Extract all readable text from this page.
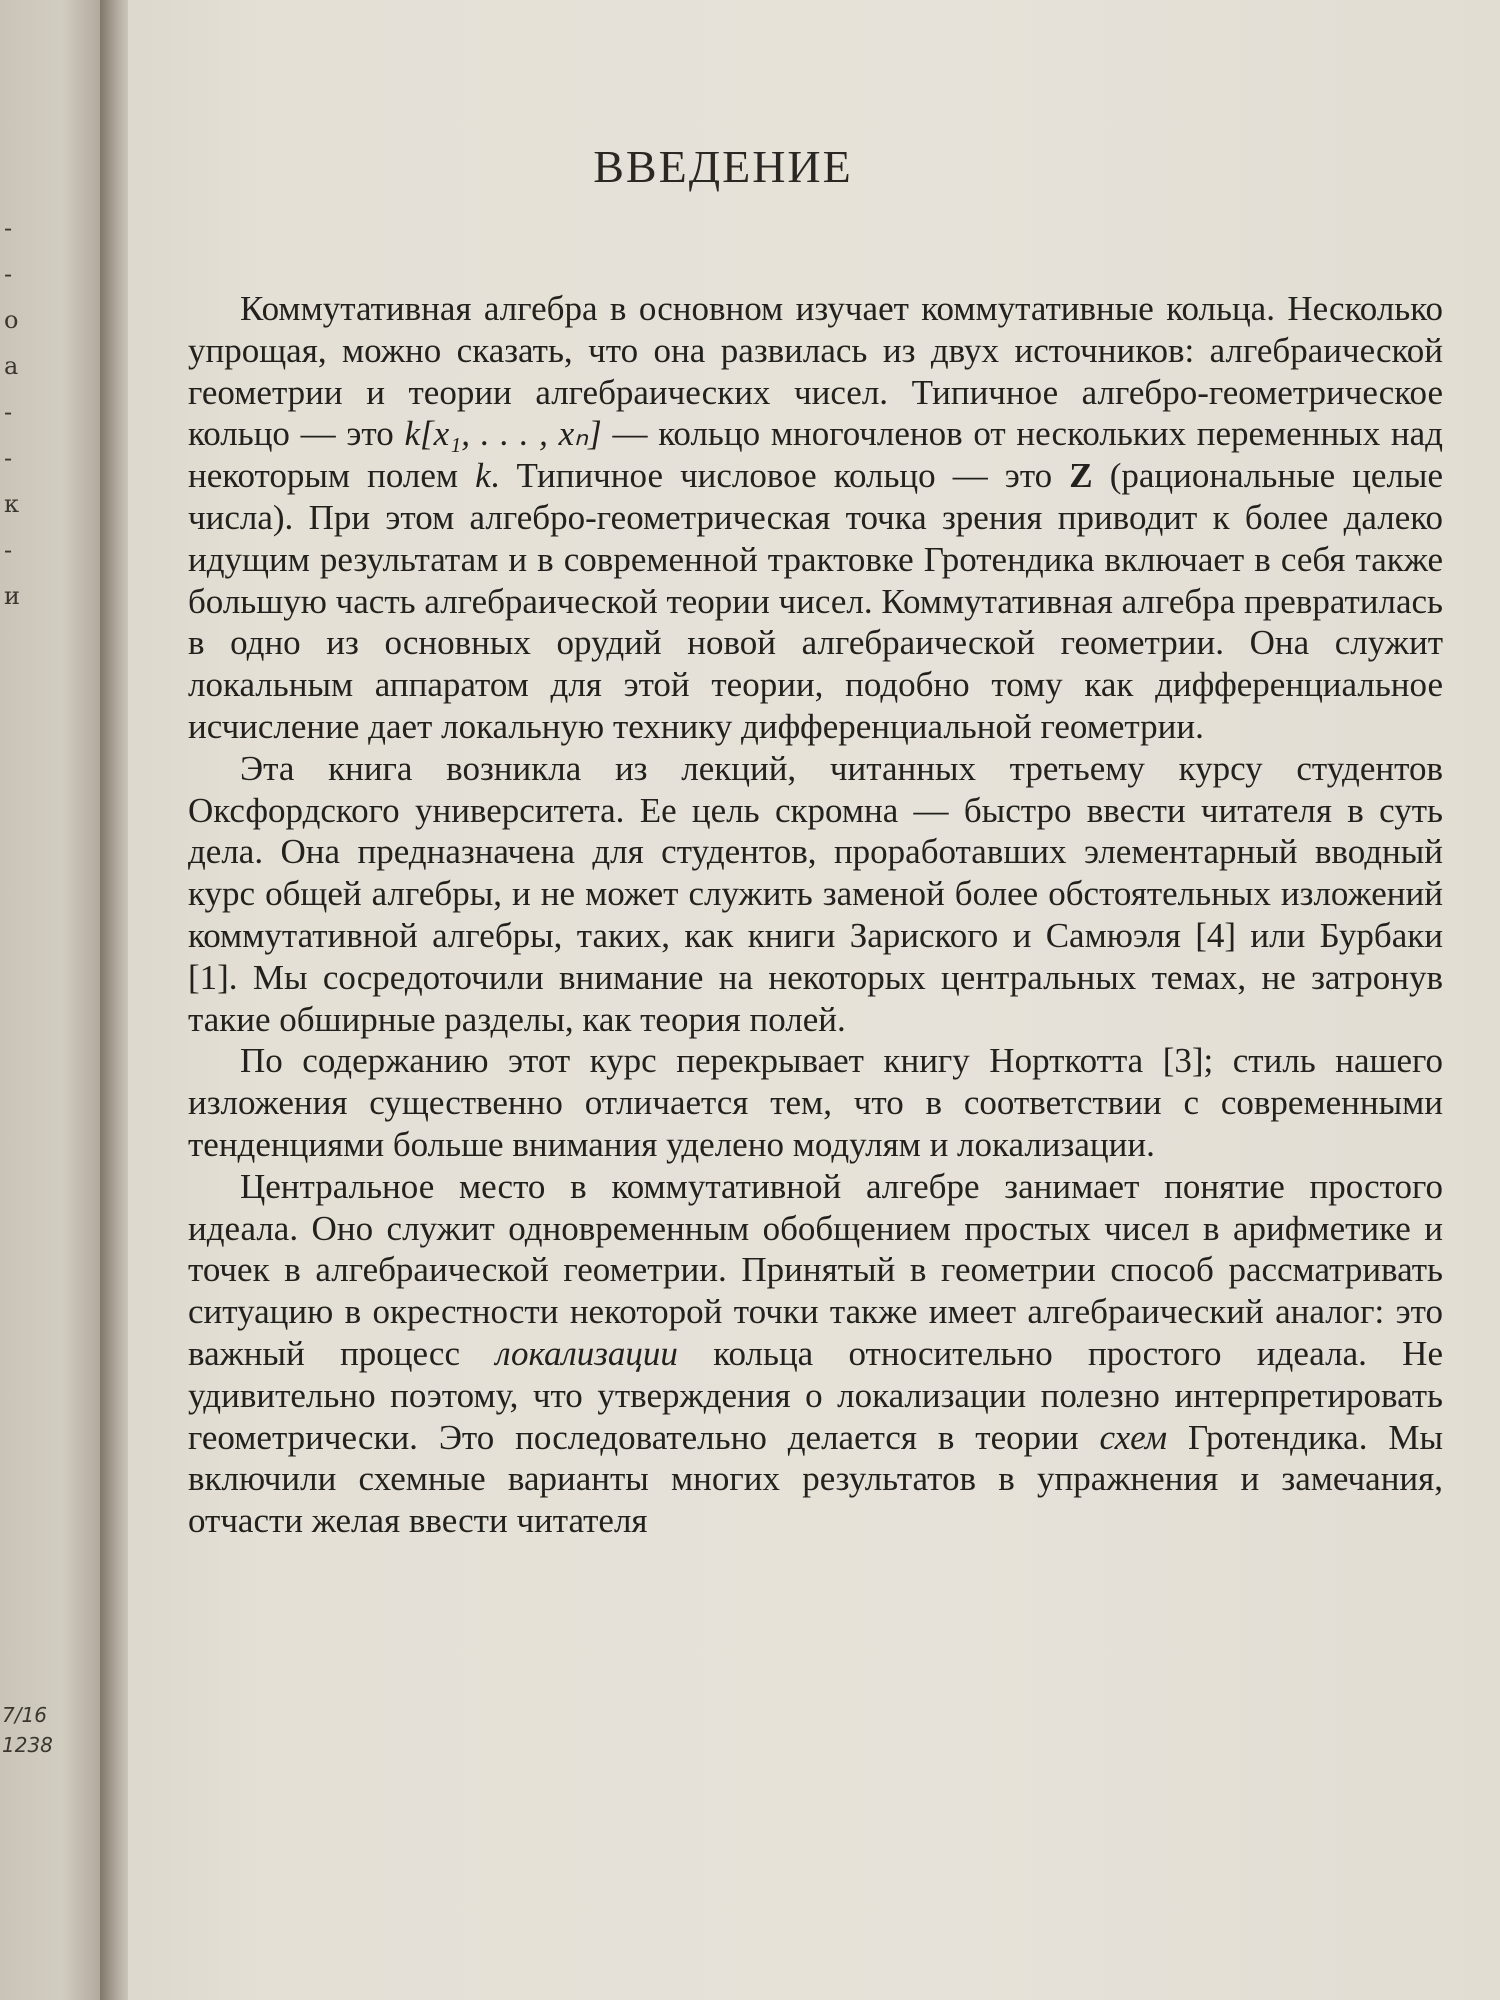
-
-
о
а
-
-
к
-
и
7/16
1238
ВВЕДЕНИЕ

Коммутативная алгебра в основном изучает коммутативные кольца. Несколько упрощая, можно сказать, что она развилась из двух источников: алгебраической геометрии и теории алгебраических чисел. Типичное алгебро-геометрическое кольцо — это k[x₁, . . . , xₙ] — кольцо многочленов от нескольких переменных над некоторым полем k. Типичное числовое кольцо — это Z (рациональные целые числа). При этом алгебро-геометрическая точка зрения приводит к более далеко идущим результатам и в современной трактовке Гротендика включает в себя также большую часть алгебраической теории чисел. Коммутативная алгебра превратилась в одно из основных орудий новой алгебраической геометрии. Она служит локальным аппаратом для этой теории, подобно тому как дифференциальное исчисление дает локальную технику дифференциальной геометрии.

Эта книга возникла из лекций, читанных третьему курсу студентов Оксфордского университета. Ее цель скромна — быстро ввести читателя в суть дела. Она предназначена для студентов, проработавших элементарный вводный курс общей алгебры, и не может служить заменой более обстоятельных изложений коммутативной алгебры, таких, как книги Зариского и Самюэля [4] или Бурбаки [1]. Мы сосредоточили внимание на некоторых центральных темах, не затронув такие обширные разделы, как теория полей.

По содержанию этот курс перекрывает книгу Норткотта [3]; стиль нашего изложения существенно отличается тем, что в соответствии с современными тенденциями больше внимания уделено модулям и локализации.

Центральное место в коммутативной алгебре занимает понятие простого идеала. Оно служит одновременным обобщением простых чисел в арифметике и точек в алгебраической геометрии. Принятый в геометрии способ рассматривать ситуацию в окрестности некоторой точки также имеет алгебраический аналог: это важный процесс локализации кольца относительно простого идеала. Не удивительно поэтому, что утверждения о локализации полезно интерпретировать геометрически. Это последовательно делается в теории схем Гротендика. Мы включили схемные варианты многих результатов в упражнения и замечания, отчасти желая ввести читателя
